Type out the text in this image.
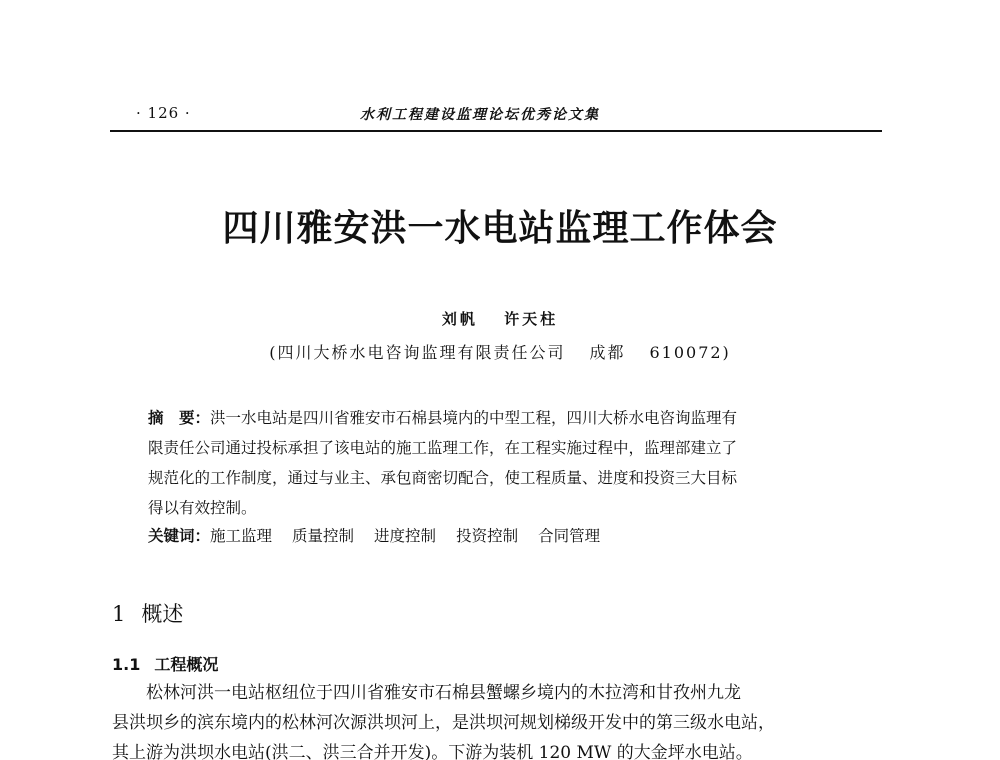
· 126 ·	水利工程建设监理论坛优秀论文集
四川雅安洪一水电站监理工作体会
刘帆 许天柱
(四川大桥水电咨询监理有限责任公司 成都 610072)
摘　要：洪一水电站是四川省雅安市石棉县境内的中型工程，四川大桥水电咨询监理有
限责任公司通过投标承担了该电站的施工监理工作，在工程实施过程中，监理部建立了
规范化的工作制度，通过与业主、承包商密切配合，使工程质量、进度和投资三大目标
得以有效控制。
关键词：施工监理 质量控制 进度控制 投资控制 合同管理
1 概述
1.1 工程概况
松林河洪一电站枢纽位于四川省雅安市石棉县蟹螺乡境内的木拉湾和甘孜州九龙
县洪坝乡的滨东境内的松林河次源洪坝河上，是洪坝河规划梯级开发中的第三级水电站，
其上游为洪坝水电站(洪二、洪三合并开发)。下游为装机 120 MW 的大金坪水电站。
